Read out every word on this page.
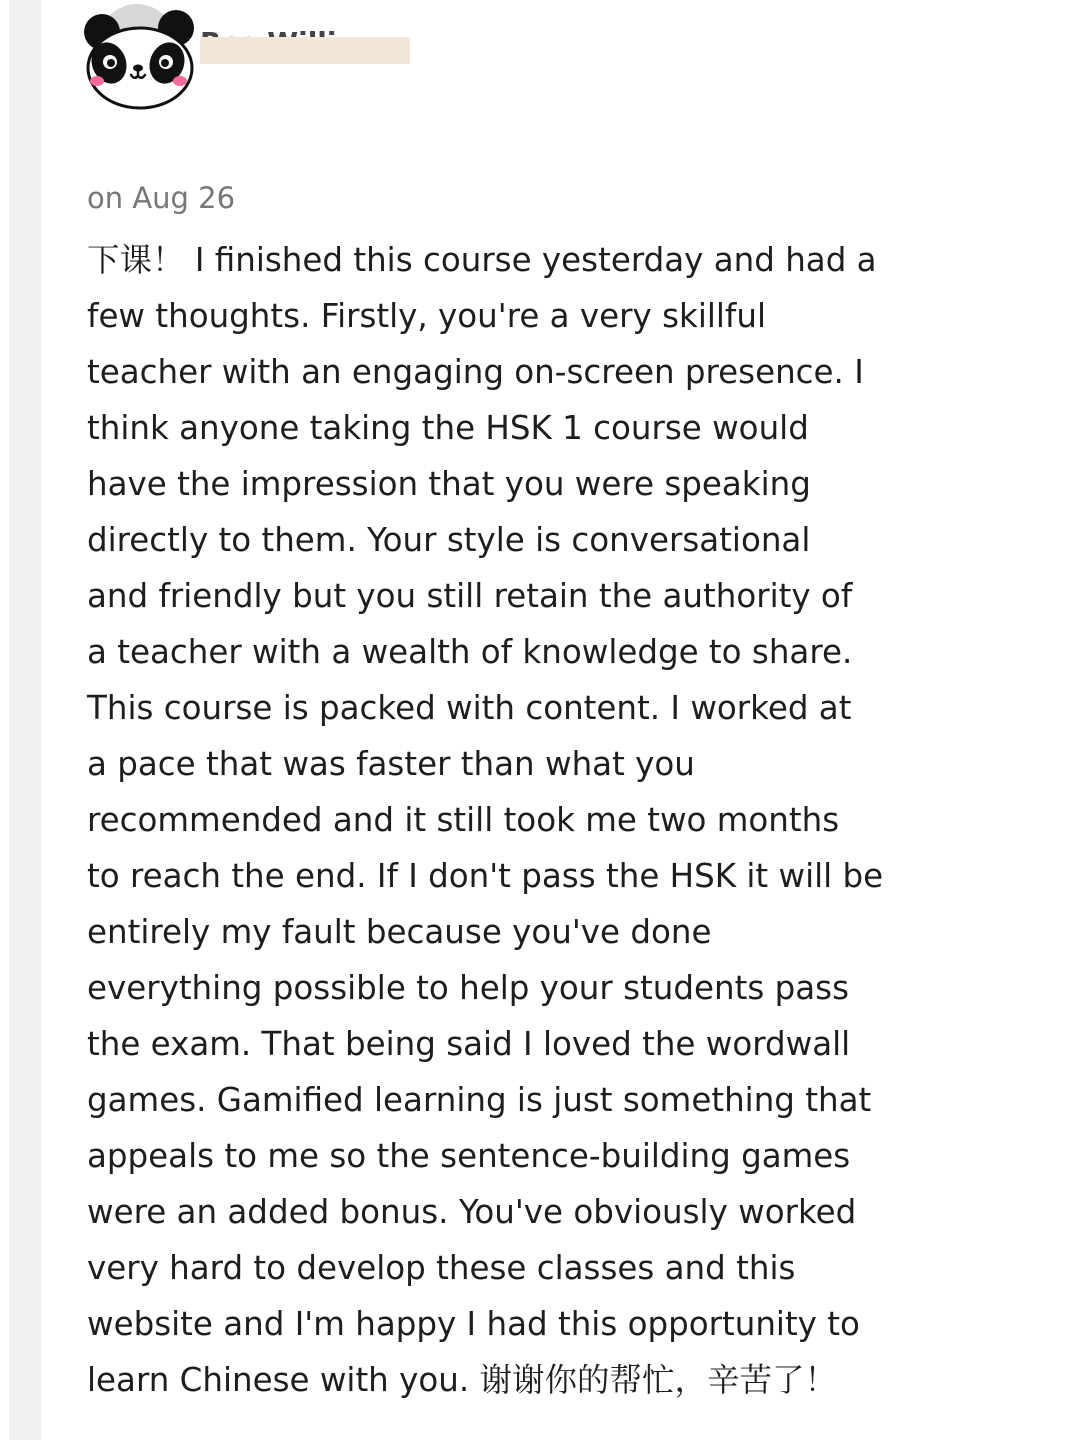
on Aug 26

下课！ I finished this course yesterday and had a
few thoughts. Firstly, you're a very skillful
teacher with an engaging on-screen presence. I
think anyone taking the HSK 1 course would
have the impression that you were speaking
directly to them. Your style is conversational
and friendly but you still retain the authority of
a teacher with a wealth of knowledge to share.
This course is packed with content. I worked at
a pace that was faster than what you
recommended and it still took me two months
to reach the end. If I don't pass the HSK it will be
entirely my fault because you've done
everything possible to help your students pass
the exam. That being said I loved the wordwall
games. Gamified learning is just something that
appeals to me so the sentence-building games
were an added bonus. You've obviously worked
very hard to develop these classes and this
website and I'm happy I had this opportunity to
learn Chinese with you. 谢谢你的帮忙，辛苦了！
